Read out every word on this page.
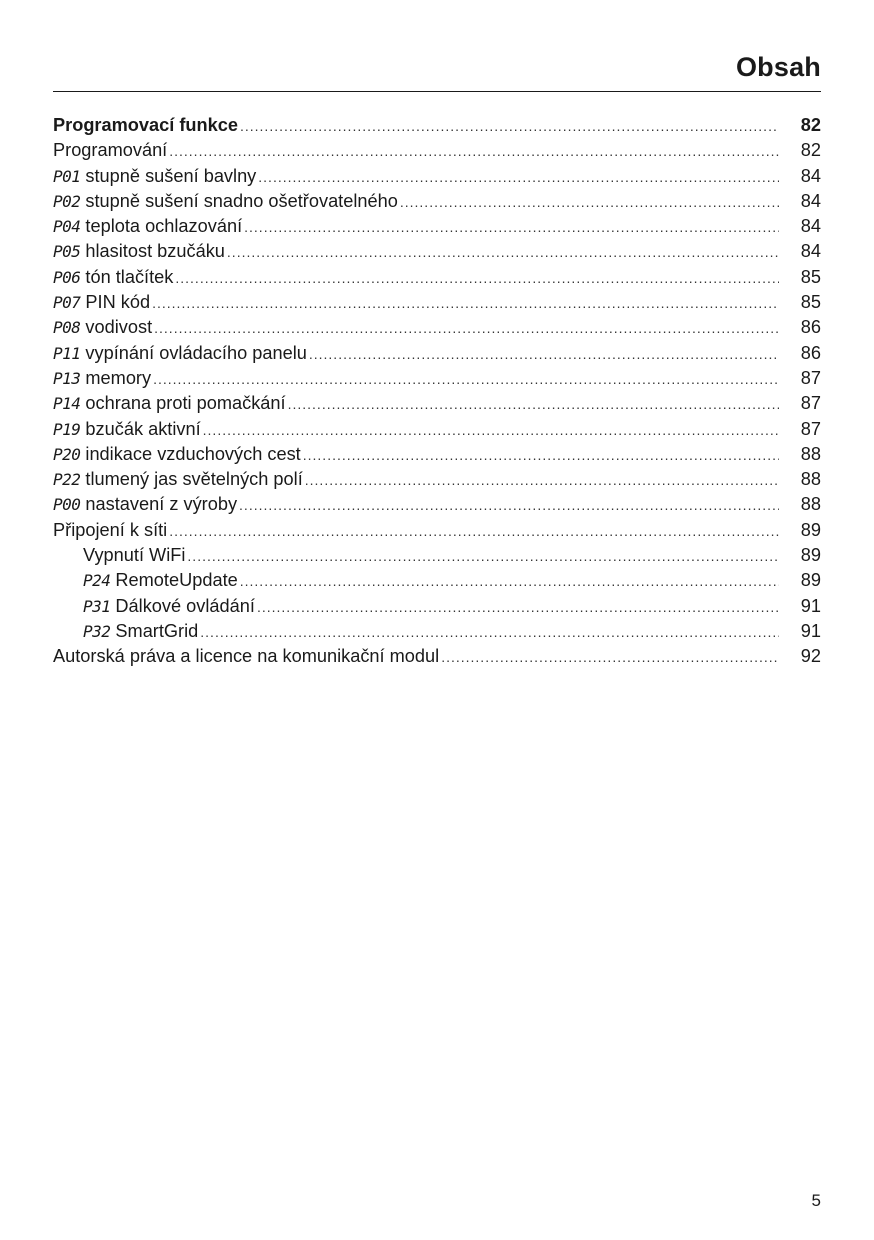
Obsah
Programovací funkce .....	82
Programování .....	82
P01 stupně sušení bavlny .....	84
P02 stupně sušení snadno ošetřovatelného .....	84
P04 teplota ochlazování .....	84
P05 hlasitost bzučáku .....	84
P06 tón tlačítek .....	85
P07 PIN kód .....	85
P08 vodivost .....	86
P11 vypínání ovládacího panelu .....	86
P13 memory .....	87
P14 ochrana proti pomačkání .....	87
P19 bzučák aktivní .....	87
P20 indikace vzduchových cest .....	88
P22 tlumený jas světelných polí .....	88
P00 nastavení z výroby .....	88
Připojení k síti .....	89
Vypnutí WiFi .....	89
P24 RemoteUpdate .....	89
P31 Dálkové ovládání .....	91
P32 SmartGrid .....	91
Autorská práva a licence na komunikační modul .....	92
5
